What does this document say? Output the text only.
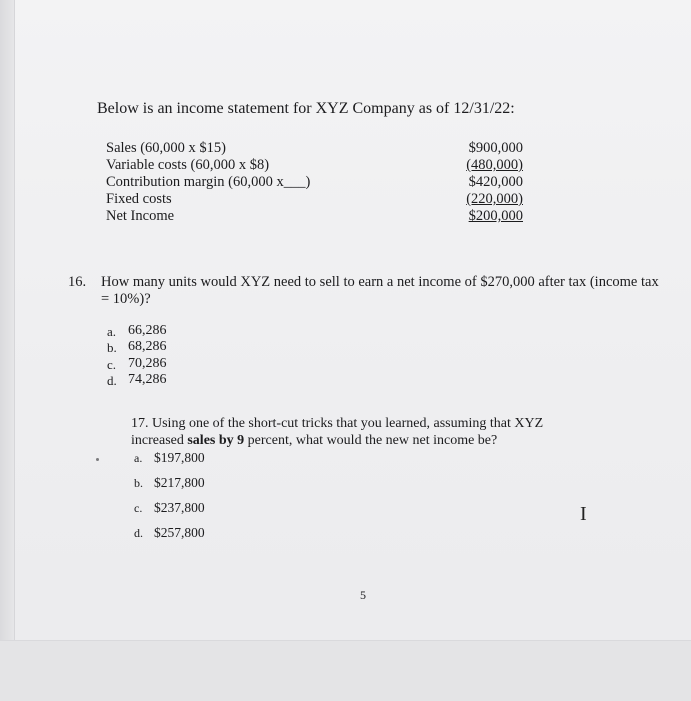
Below is an income statement for XYZ Company as of 12/31/22:
Sales (60,000 x $15)
Variable costs (60,000 x $8)
Contribution margin (60,000 x___)
Fixed costs
Net Income
$900,000
(480,000)
$420,000
(220,000)
$200,000
16. How many units would XYZ need to sell to earn a net income of $270,000 after tax (income tax = 10%)?
a. 66,286
b. 68,286
c. 70,286
d. 74,286
17. Using one of the short-cut tricks that you learned, assuming that XYZ increased sales by 9 percent, what would the new net income be?
a. $197,800
b. $217,800
c. $237,800
d. $257,800
I
5
